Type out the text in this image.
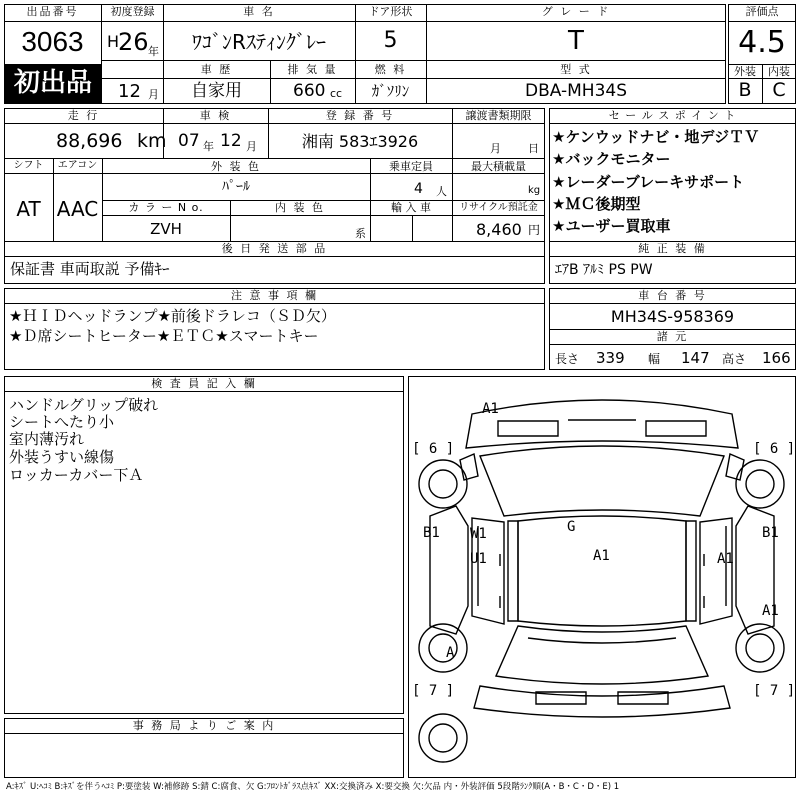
出品番号
3063
初出品
初度登録
H
26 年
12 月
車 名
ﾜｺﾞﾝRｽﾃｨﾝｸﾞﾚｰ
ドア形状
5
グ レ ー ド
T
車 歴
自家用
排 気 量
660 cc
燃 料
ｶﾞｿﾘﾝ
型 式
DBA-MH34S
評価点
4.5
外装	内装
B	C
走 行
88,696 km
車 検
07 年 12 月
登 録 番 号
湘南 583ｴ3926
譲渡書類期限
月 日
シフト
AT
エアコン
AAC
外 装 色
ﾊﾟｰﾙ
カ ラ ー N o.
ZVH
内 装 色
系
乗車定員
4 人
最大積載量
kg
輸 入 車	リサイクル預託金
8,460 円
後 日 発 送 部 品
保証書 車両取説 予備ｷｰ
セ ー ル ス ポ イ ン ト
★ケンウッドナビ・地デジＴＶ
★バックモニター
★レーダーブレーキサポート
★ＭＣ後期型
★ユーザー買取車
純 正 装 備
ｴｱB ｱﾙﾐ PS PW
注 意 事 項 欄
★ＨＩＤヘッドランプ★前後ドラレコ（ＳＤ欠）
★Ｄ席シートヒーター★ＥＴＣ★スマートキー
車 台 番 号
MH34S-958369
諸 元
長さ 339 幅 147 高さ 166
検 査 員 記 入 欄
ハンドルグリップ破れ
シートへたり小
室内薄汚れ
外装うすい線傷
ロッカーカバー下Ａ
事 務 局 よ り ご 案 内
A1
[ 6 ]	[ 6 ]
B1 W1
U1
G
A1	A1
B1
A1
A
[ 7 ]	[ 7 ]
A:ｷｽﾞ U:ﾍｺﾐ B:ｷｽﾞを伴うﾍｺﾐ P:要塗装 W:補修跡 S:錆 C:腐食、欠 G:ﾌﾛﾝﾄｶﾞﾗｽ点ｷｽﾞ XX:交換済み X:要交換 欠:欠品 内・外装評価 5段階ﾗﾝｸ順(A・B・C・D・E) 1
